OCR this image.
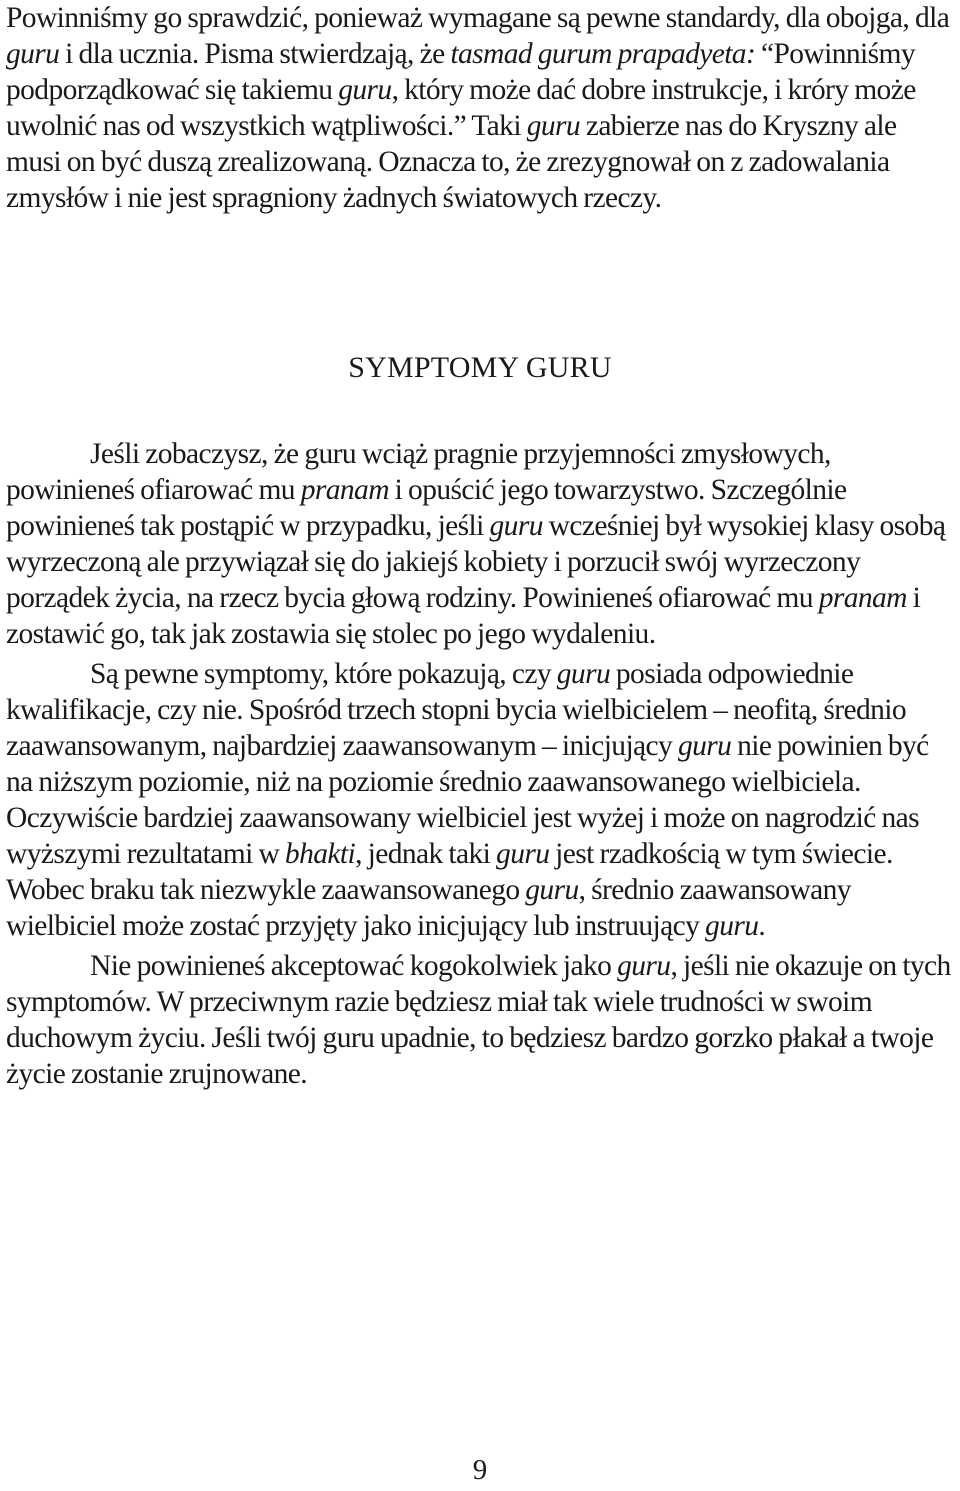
Powinniśmy go sprawdzić, ponieważ wymagane są pewne standardy, dla obojga, dla guru i dla ucznia. Pisma stwierdzają, że tasmad gurum prapadyeta: “Powinniśmy podporządkować się takiemu guru, który może dać dobre instrukcje, i króry może uwolnić nas od wszystkich wątpliwości.” Taki guru zabierze nas do Kryszny ale musi on być duszą zrealizowaną. Oznacza to, że zrezygnował on z zadowalania zmysłów i nie jest spragniony żadnych światowych rzeczy.

SYMPTOMY GURU

Jeśli zobaczysz, że guru wciąż pragnie przyjemności zmysłowych, powinieneś ofiarować mu pranam i opuścić jego towarzystwo. Szczególnie powinieneś tak postąpić w przypadku, jeśli guru wcześniej był wysokiej klasy osobą wyrzeczoną ale przywiązał się do jakiejś kobiety i porzucił swój wyrzeczony porządek życia, na rzecz bycia głową rodziny. Powinieneś ofiarować mu pranam i zostawić go, tak jak zostawia się stolec po jego wydaleniu.

Są pewne symptomy, które pokazują, czy guru posiada odpowiednie kwalifikacje, czy nie. Spośród trzech stopni bycia wielbicielem – neofitą, średnio zaawansowanym, najbardziej zaawansowanym – inicjujący guru nie powinien być na niższym poziomie, niż na poziomie średnio zaawansowanego wielbiciela. Oczywiście bardziej zaawansowany wielbiciel jest wyżej i może on nagrodzić nas wyższymi rezultatami w bhakti, jednak taki guru jest rzadkością w tym świecie. Wobec braku tak niezwykle zaawansowanego guru, średnio zaawansowany wielbiciel może zostać przyjęty jako inicjujący lub instruujący guru.

Nie powinieneś akceptować kogokolwiek jako guru, jeśli nie okazuje on tych symptomów. W przeciwnym razie będziesz miał tak wiele trudności w swoim duchowym życiu. Jeśli twój guru upadnie, to będziesz bardzo gorzko płakał a twoje życie zostanie zrujnowane.

9
